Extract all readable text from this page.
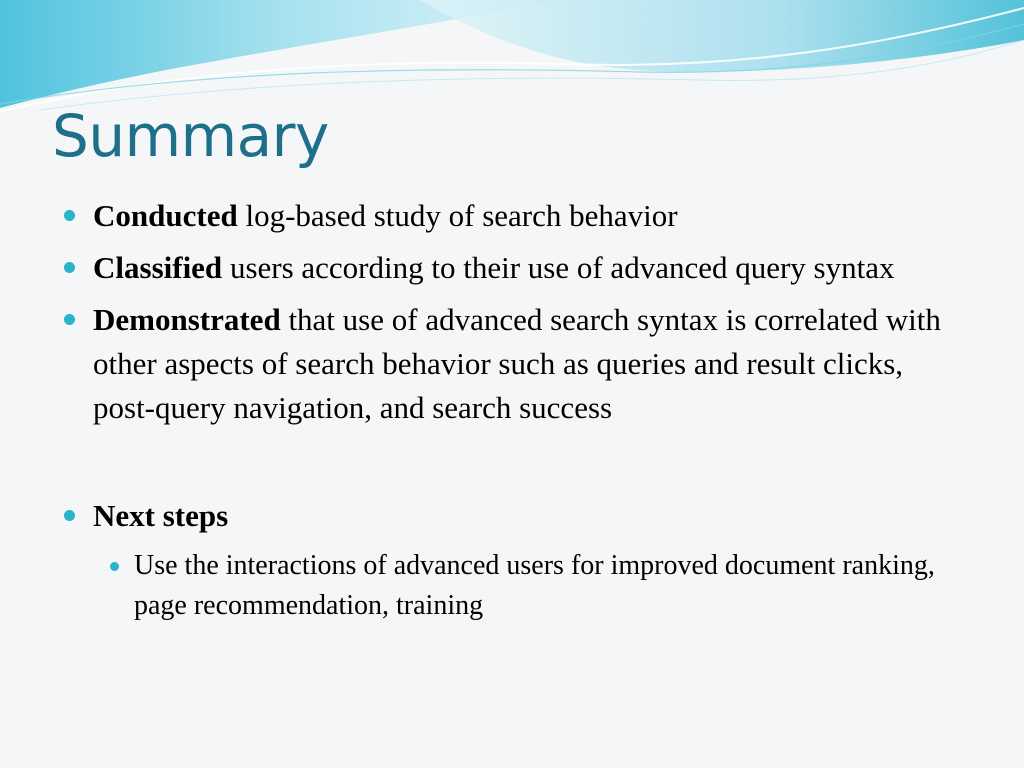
Summary
Conducted log-based study of search behavior
Classified users according to their use of advanced query syntax
Demonstrated that use of advanced search syntax is correlated with other aspects of search behavior such as queries and result clicks, post-query navigation, and search success
Next steps
Use the interactions of advanced users for improved document ranking, page recommendation, training
